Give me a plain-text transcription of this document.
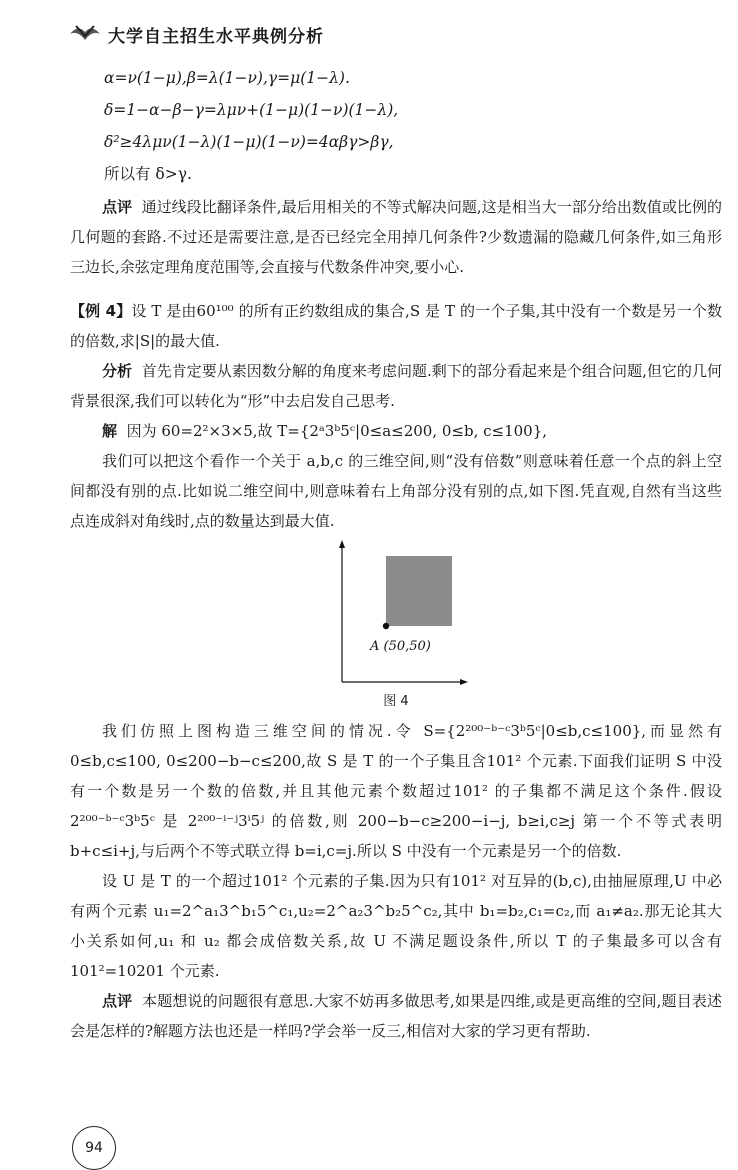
大学自主招生水平典例分析
α=ν(1−μ),β=λ(1−ν),γ=μ(1−λ).
δ=1−α−β−γ=λμν+(1−μ)(1−ν)(1−λ),
δ²≥4λμν(1−λ)(1−μ)(1−ν)=4αβγ>βγ,
所以有 δ>γ.

点评 通过线段比翻译条件,最后用相关的不等式解决问题,这是相当大一部分给出数值或比例的几何题的套路.不过还是需要注意,是否已经完全用掉几何条件?少数遗漏的隐藏几何条件,如三角形三边长,余弦定理角度范围等,会直接与代数条件冲突,要小心.

【例 4】设 T 是由60¹⁰⁰ 的所有正约数组成的集合,S 是 T 的一个子集,其中没有一个数是另一个数的倍数,求|S|的最大值.

分析 首先肯定要从素因数分解的角度来考虑问题.剩下的部分看起来是个组合问题,但它的几何背景很深,我们可以转化为“形”中去启发自己思考.

解 因为 60=2²×3×5,故 T={2ᵃ3ᵇ5ᶜ|0≤a≤200, 0≤b, c≤100},

我们可以把这个看作一个关于 a,b,c 的三维空间,则“没有倍数”则意味着任意一个点的斜上空间都没有别的点.比如说二维空间中,则意味着右上角部分没有别的点,如下图.凭直观,自然有当这些点连成斜对角线时,点的数量达到最大值.

A (50,50)
图 4

我们仿照上图构造三维空间的情况.令 S={2²⁰⁰⁻ᵇ⁻ᶜ3ᵇ5ᶜ|0≤b,c≤100},而显然有0≤b,c≤100, 0≤200−b−c≤200,故 S 是 T 的一个子集且含101² 个元素.下面我们证明 S 中没有一个数是另一个数的倍数,并且其他元素个数超过101² 的子集都不满足这个条件.假设 2²⁰⁰⁻ᵇ⁻ᶜ3ᵇ5ᶜ 是 2²⁰⁰⁻ⁱ⁻ʲ3ⁱ5ʲ 的倍数,则 200−b−c≥200−i−j, b≥i,c≥j 第一个不等式表明 b+c≤i+j,与后两个不等式联立得 b=i,c=j.所以 S 中没有一个元素是另一个的倍数.

设 U 是 T 的一个超过101² 个元素的子集.因为只有101² 对互异的(b,c),由抽屉原理,U 中必有两个元素 u₁=2^a₁3^b₁5^c₁,u₂=2^a₂3^b₂5^c₂,其中 b₁=b₂,c₁=c₂,而 a₁≠a₂.那无论其大小关系如何,u₁ 和 u₂ 都会成倍数关系,故 U 不满足题设条件,所以 T 的子集最多可以含有101²=10201 个元素.

点评 本题想说的问题很有意思.大家不妨再多做思考,如果是四维,或是更高维的空间,题目表述会是怎样的?解题方法也还是一样吗?学会举一反三,相信对大家的学习更有帮助.

94
